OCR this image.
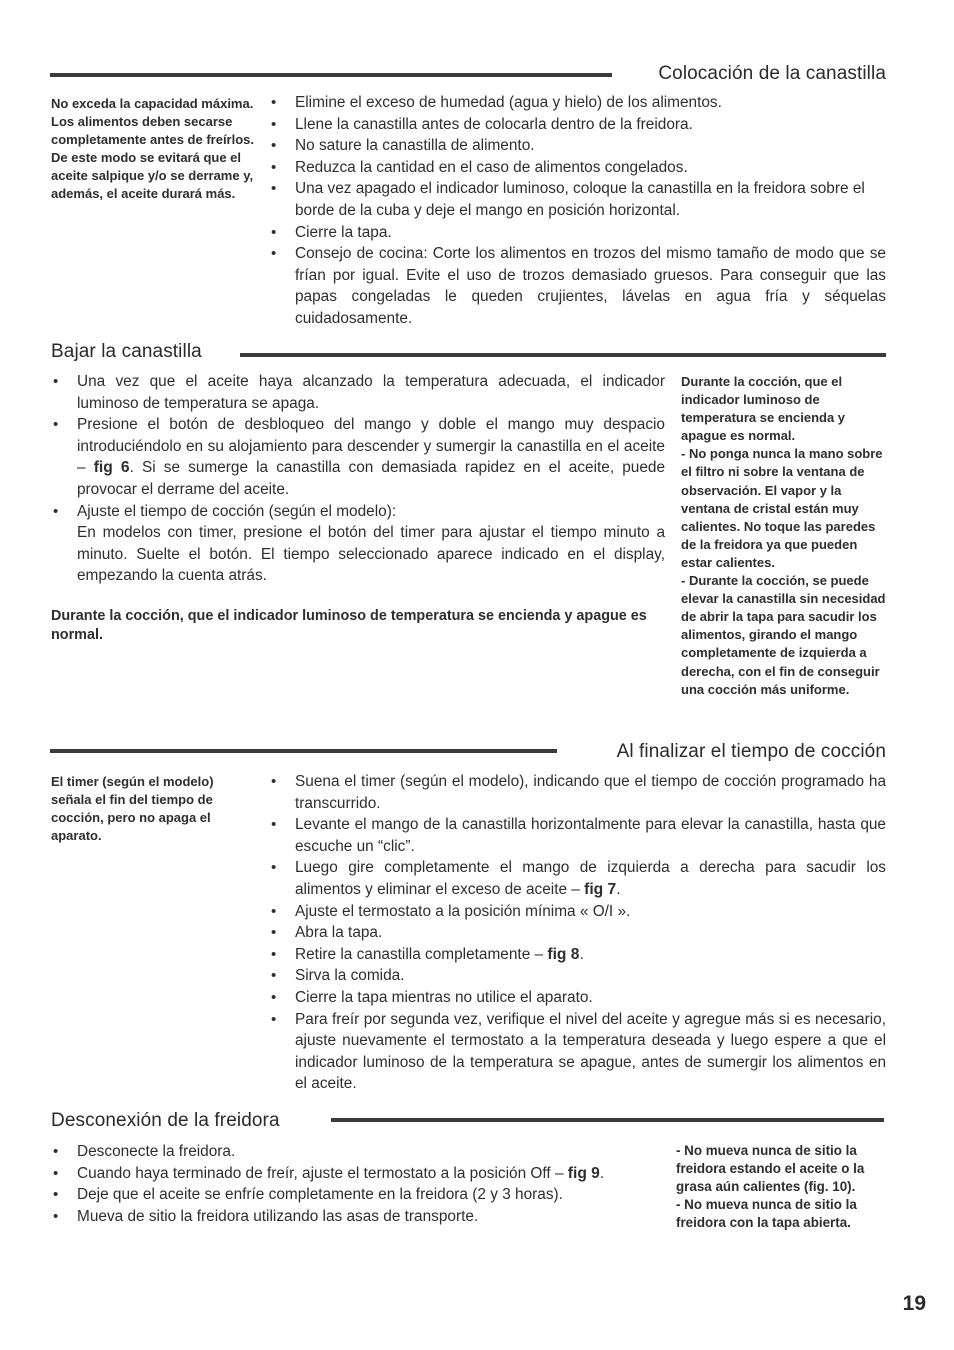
Colocación de la canastilla

No exceda la capacidad máxima.

Los alimentos deben secarse completamente antes de freírlos.

De este modo se evitará que el aceite salpique y/o se derrame y, además, el aceite durará más.

• Elimine el exceso de humedad (agua y hielo) de los alimentos.
• Llene la canastilla antes de colocarla dentro de la freidora.
• No sature la canastilla de alimento.
• Reduzca la cantidad en el caso de alimentos congelados.
• Una vez apagado el indicador luminoso, coloque la canastilla en la freidora sobre el borde de la cuba y deje el mango en posición horizontal.
• Cierre la tapa.
• Consejo de cocina: Corte los alimentos en trozos del mismo tamaño de modo que se frían por igual. Evite el uso de trozos demasiado gruesos. Para conseguir que las papas congeladas le queden crujientes, lávelas en agua fría y séquelas cuidadosamente.
Bajar la canastilla
• Una vez que el aceite haya alcanzado la temperatura adecuada, el indicador luminoso de temperatura se apaga.
• Presione el botón de desbloqueo del mango y doble el mango muy despacio introduciéndolo en su alojamiento para descender y sumergir la canastilla en el aceite – fig 6. Si se sumerge la canastilla con demasiada rapidez en el aceite, puede provocar el derrame del aceite.
• Ajuste el tiempo de cocción (según el modelo):
En modelos con timer, presione el botón del timer para ajustar el tiempo minuto a minuto. Suelte el botón. El tiempo seleccionado aparece indicado en el display, empezando la cuenta atrás.
Durante la cocción, que el indicador luminoso de temperatura se encienda y apague es normal.

Durante la cocción, que el indicador luminoso de temperatura se encienda y apague es normal.

- No ponga nunca la mano sobre el filtro ni sobre la ventana de observación. El vapor y la ventana de cristal están muy calientes. No toque las paredes de la freidora ya que pueden estar calientes.

- Durante la cocción, se puede elevar la canastilla sin necesidad de abrir la tapa para sacudir los alimentos, girando el mango completamente de izquierda a derecha, con el fin de conseguir una cocción más uniforme.

Al finalizar el tiempo de cocción
El timer (según el modelo) señala el fin del tiempo de cocción, pero no apaga el aparato.
• Suena el timer (según el modelo), indicando que el tiempo de cocción programado ha transcurrido.
• Levante el mango de la canastilla horizontalmente para elevar la canastilla, hasta que escuche un “clic”.
• Luego gire completamente el mango de izquierda a derecha para sacudir los alimentos y eliminar el exceso de aceite – fig 7.
• Ajuste el termostato a la posición mínima « O/I ».
• Abra la tapa.
• Retire la canastilla completamente – fig 8.
• Sirva la comida.
• Cierre la tapa mientras no utilice el aparato.
• Para freír por segunda vez, verifique el nivel del aceite y agregue más si es necesario, ajuste nuevamente el termostato a la temperatura deseada y luego espere a que el indicador luminoso de la temperatura se apague, antes de sumergir los alimentos en el aceite.
Desconexión de la freidora
• Desconecte la freidora.
• Cuando haya terminado de freír, ajuste el termostato a la posición Off – fig 9.
• Deje que el aceite se enfríe completamente en la freidora (2 y 3 horas).
• Mueva de sitio la freidora utilizando las asas de transporte.

- No mueva nunca de sitio la freidora estando el aceite o la grasa aún calientes (fig. 10).

- No mueva nunca de sitio la freidora con la tapa abierta.

19
